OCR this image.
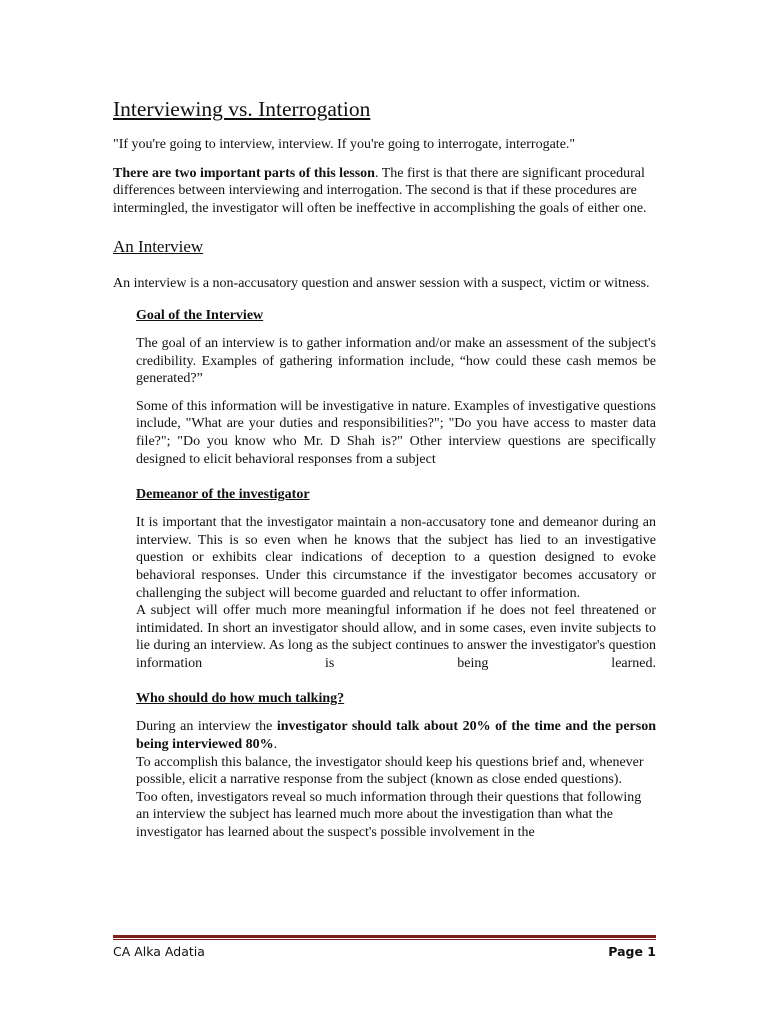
Interviewing vs. Interrogation

"If you're going to interview, interview. If you're going to interrogate, interrogate."

There are two important parts of this lesson. The first is that there are significant procedural differences between interviewing and interrogation. The second is that if these procedures are intermingled, the investigator will often be ineffective in accomplishing the goals of either one.

An Interview

An interview is a non-accusatory question and answer session with a suspect, victim or witness.

Goal of the Interview

The goal of an interview is to gather information and/or make an assessment of the subject's credibility. Examples of gathering information include, “how could these cash memos be generated?”

Some of this information will be investigative in nature. Examples of investigative questions include, "What are your duties and responsibilities?"; "Do you have access to master data file?"; "Do you know who Mr. D Shah is?" Other interview questions are specifically designed to elicit behavioral responses from a subject

Demeanor of the investigator

It is important that the investigator maintain a non-accusatory tone and demeanor during an interview. This is so even when he knows that the subject has lied to an investigative question or exhibits clear indications of deception to a question designed to evoke behavioral responses. Under this circumstance if the investigator becomes accusatory or challenging the subject will become guarded and reluctant to offer information.

A subject will offer much more meaningful information if he does not feel threatened or intimidated. In short an investigator should allow, and in some cases, even invite subjects to lie during an interview. As long as the subject continues to answer the investigator's question information is being learned.

Who should do how much talking?

During an interview the investigator should talk about 20% of the time and the person being interviewed 80%.

To accomplish this balance, the investigator should keep his questions brief and, whenever possible, elicit a narrative response from the subject (known as close ended questions).

Too often, investigators reveal so much information through their questions that following an interview the subject has learned much more about the investigation than what the investigator has learned about the suspect's possible involvement in the

CA Alka Adatia	Page 1
